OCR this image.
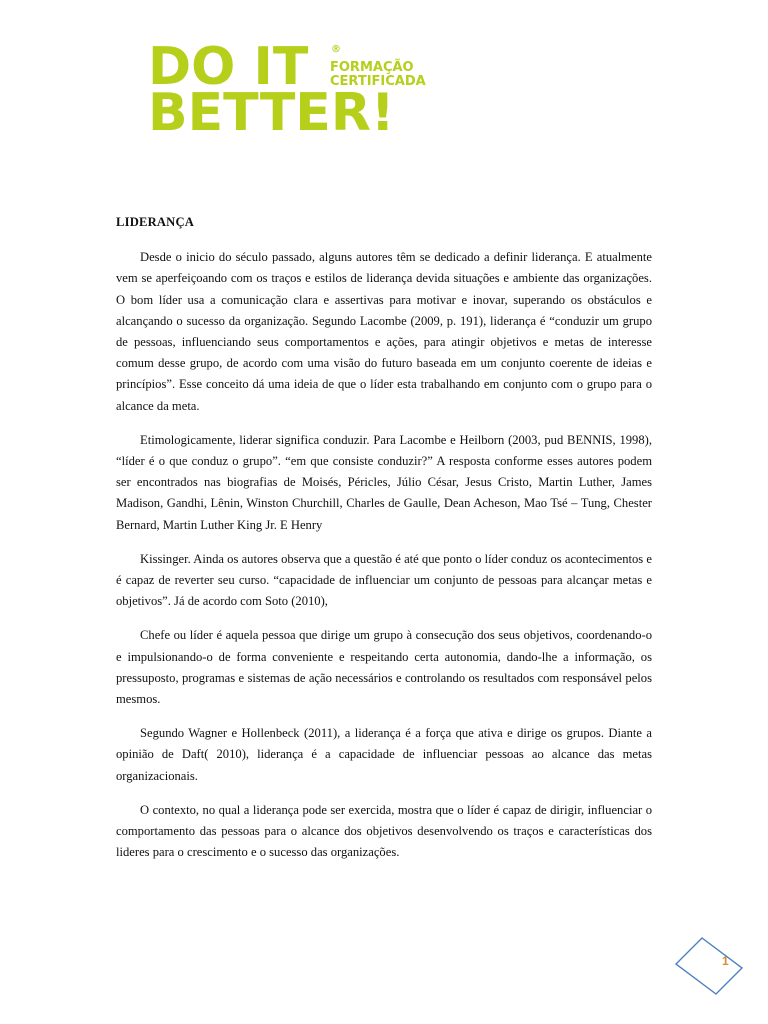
DO IT ®
FORMAÇÃO
CERTIFICADA
BETTER!
LIDERANÇA

Desde o inicio do século passado, alguns autores têm se dedicado a definir liderança. E atualmente vem se aperfeiçoando com os traços e estilos de liderança devida situações e ambiente das organizações. O bom líder usa a comunicação clara e assertivas para motivar e inovar, superando os obstáculos e alcançando o sucesso da organização. Segundo Lacombe (2009, p. 191), liderança é “conduzir um grupo de pessoas, influenciando seus comportamentos e ações, para atingir objetivos e metas de interesse comum desse grupo, de acordo com uma visão do futuro baseada em um conjunto coerente de ideias e princípios”. Esse conceito dá uma ideia de que o líder esta trabalhando em conjunto com o grupo para o alcance da meta.

Etimologicamente, liderar significa conduzir. Para Lacombe e Heilborn (2003, pud BENNIS, 1998), “líder é o que conduz o grupo”. “em que consiste conduzir?” A resposta conforme esses autores podem ser encontrados nas biografias de Moisés, Péricles, Júlio César, Jesus Cristo, Martin Luther, James Madison, Gandhi, Lênin, Winston Churchill, Charles de Gaulle, Dean Acheson, Mao Tsé – Tung, Chester Bernard, Martin Luther King Jr. E Henry

Kissinger. Ainda os autores observa que a questão é até que ponto o líder conduz os acontecimentos e é capaz de reverter seu curso. “capacidade de influenciar um conjunto de pessoas para alcançar metas e objetivos”. Já de acordo com Soto (2010),

Chefe ou líder é aquela pessoa que dirige um grupo à consecução dos seus objetivos, coordenando-o e impulsionando-o de forma conveniente e respeitando certa autonomia, dando-lhe a informação, os pressuposto, programas e sistemas de ação necessários e controlando os resultados com responsável pelos mesmos.

Segundo Wagner e Hollenbeck (2011), a liderança é a força que ativa e dirige os grupos. Diante a opinião de Daft( 2010), liderança é a capacidade de influenciar pessoas ao alcance das metas organizacionais.

O contexto, no qual a liderança pode ser exercida, mostra que o líder é capaz de dirigir, influenciar o comportamento das pessoas para o alcance dos objetivos desenvolvendo os traços e características dos lideres para o crescimento e o sucesso das organizações.

1
